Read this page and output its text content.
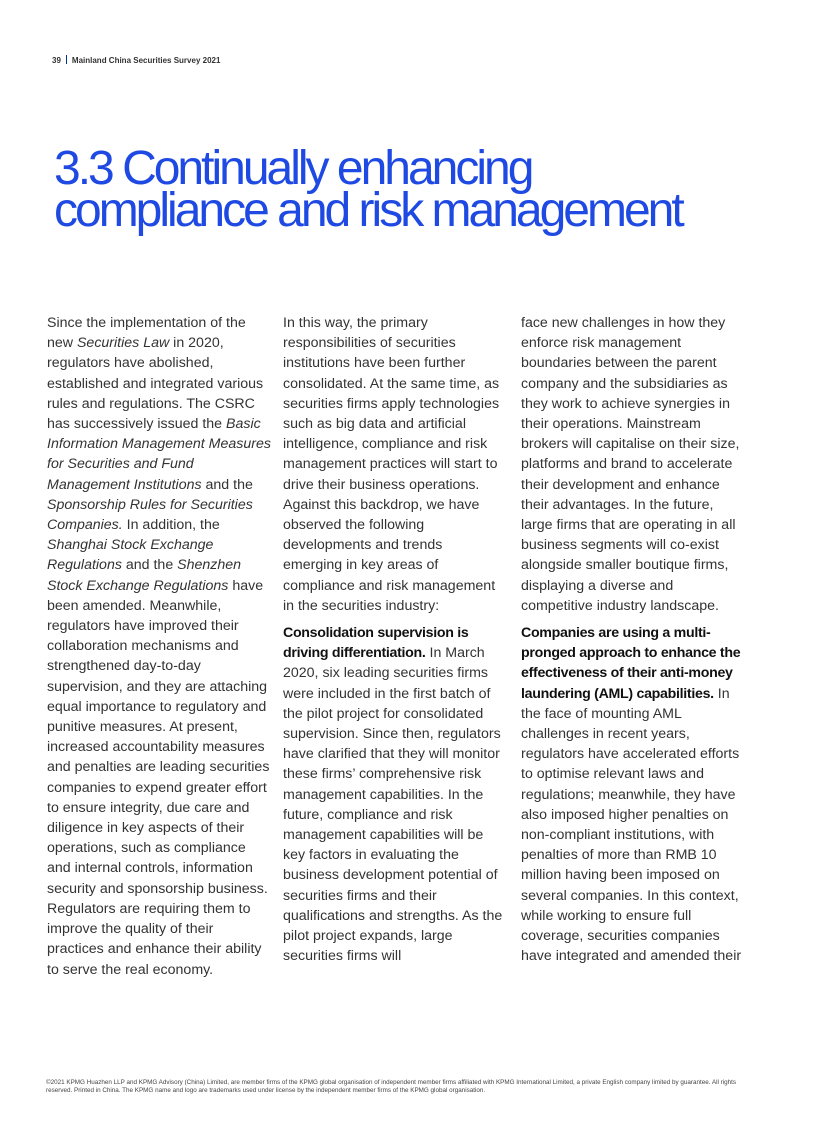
39 Mainland China Securities Survey 2021
3.3 Continually enhancing compliance and risk management

Since the implementation of the new Securities Law in 2020, regulators have abolished, established and integrated various rules and regulations. The CSRC has successively issued the Basic Information Management Measures for Securities and Fund Management Institutions and the Sponsorship Rules for Securities Companies. In addition, the Shanghai Stock Exchange Regulations and the Shenzhen Stock Exchange Regulations have been amended. Meanwhile, regulators have improved their collaboration mechanisms and strengthened day-to-day supervision, and they are attaching equal importance to regulatory and punitive measures. At present, increased accountability measures and penalties are leading securities companies to expend greater effort to ensure integrity, due care and diligence in key aspects of their operations, such as compliance and internal controls, information security and sponsorship business. Regulators are requiring them to improve the quality of their practices and enhance their ability to serve the real economy.

In this way, the primary responsibilities of securities institutions have been further consolidated. At the same time, as securities firms apply technologies such as big data and artificial intelligence, compliance and risk management practices will start to drive their business operations. Against this backdrop, we have observed the following developments and trends emerging in key areas of compliance and risk management in the securities industry:

Consolidation supervision is driving differentiation. In March 2020, six leading securities firms were included in the first batch of the pilot project for consolidated supervision. Since then, regulators have clarified that they will monitor these firms’ comprehensive risk management capabilities. In the future, compliance and risk management capabilities will be key factors in evaluating the business development potential of securities firms and their qualifications and strengths. As the pilot project expands, large securities firms will

face new challenges in how they enforce risk management boundaries between the parent company and the subsidiaries as they work to achieve synergies in their operations. Mainstream brokers will capitalise on their size, platforms and brand to accelerate their development and enhance their advantages. In the future, large firms that are operating in all business segments will co-exist alongside smaller boutique firms, displaying a diverse and competitive industry landscape.

Companies are using a multi-pronged approach to enhance the effectiveness of their anti-money laundering (AML) capabilities. In the face of mounting AML challenges in recent years, regulators have accelerated efforts to optimise relevant laws and regulations; meanwhile, they have also imposed higher penalties on non-compliant institutions, with penalties of more than RMB 10 million having been imposed on several companies. In this context, while working to ensure full coverage, securities companies have integrated and amended their

©2021 KPMG Huazhen LLP and KPMG Advisory (China) Limited, are member firms of the KPMG global organisation of independent member firms affiliated with KPMG International Limited, a private English company limited by guarantee. All rights reserved. Printed in China. The KPMG name and logo are trademarks used under license by the independent member firms of the KPMG global organisation.
